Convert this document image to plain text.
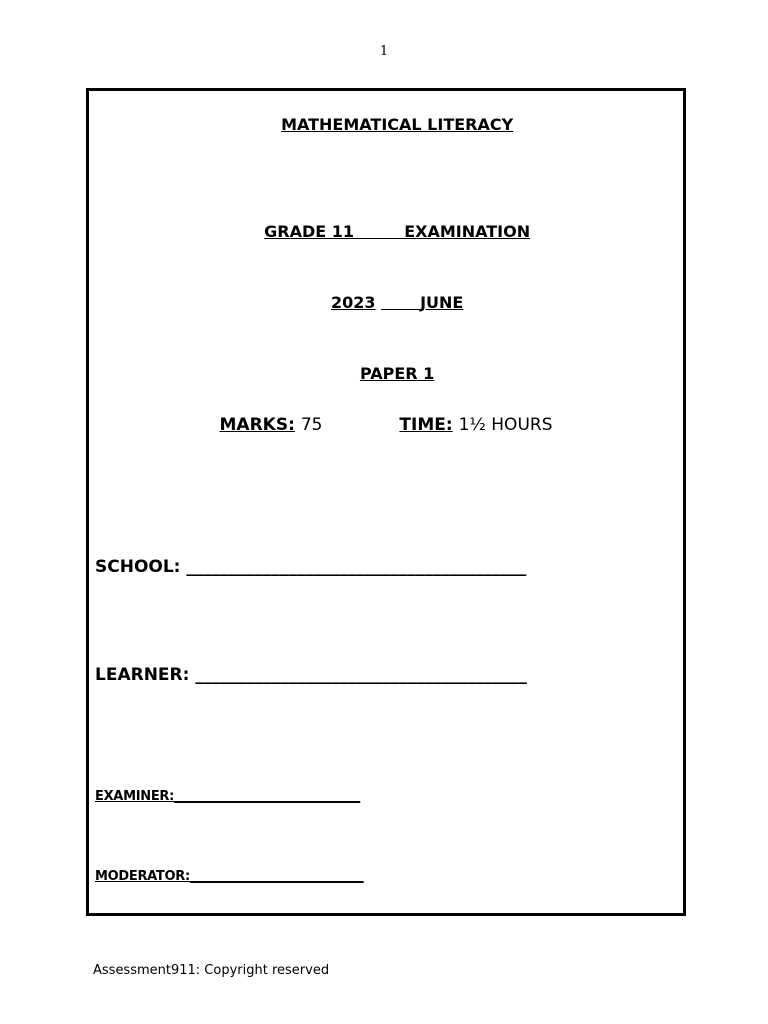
1

MATHEMATICAL LITERACY

GRADE 11	EXAMINATION

2023	JUNE

PAPER 1

MARKS: 75	TIME: 1½ HOURS
SCHOOL: ________________________________________
LEARNER: _______________________________________
EXAMINER:______________________________
MODERATOR:____________________________
Assessment911: Copyright reserved
